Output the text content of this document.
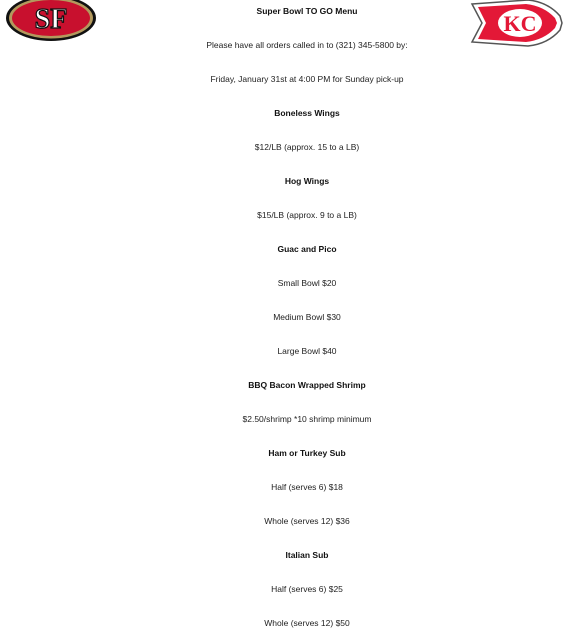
SF	KC
Super Bowl TO GO Menu
Please have all orders called in to (321) 345-5800 by:
Friday, January 31st at 4:00 PM for Sunday pick-up
Boneless Wings
$12/LB (approx. 15 to a LB)
Hog Wings
$15/LB (approx. 9 to a LB)
Guac and Pico
Small Bowl $20
Medium Bowl $30
Large Bowl $40
BBQ Bacon Wrapped Shrimp
$2.50/shrimp *10 shrimp minimum
Ham or Turkey Sub
Half (serves 6) $18
Whole (serves 12) $36
Italian Sub
Half (serves 6) $25
Whole (serves 12) $50
